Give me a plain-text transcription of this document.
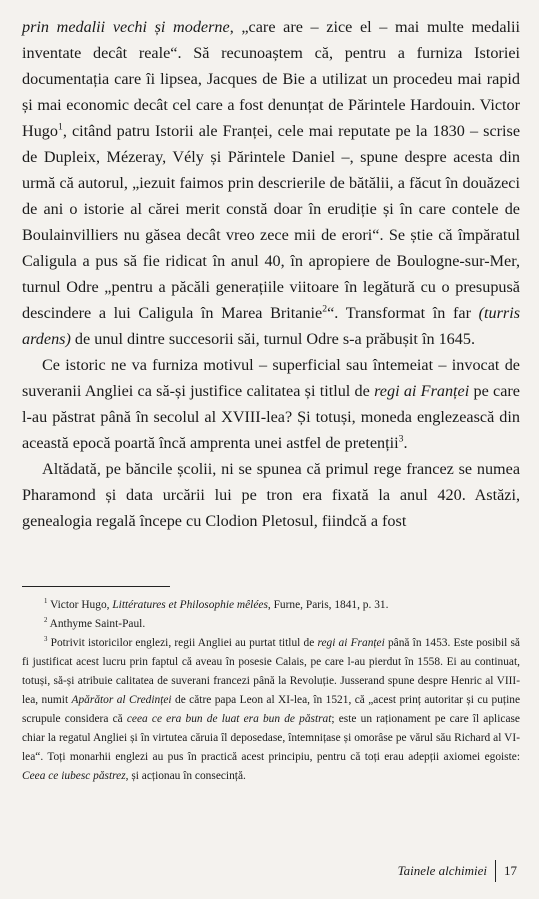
prin medalii vechi și moderne, „care are – zice el – mai multe medalii inventate decât reale“. Să recunoaștem că, pentru a furniza Istoriei documentația care îi lipsea, Jacques de Bie a utilizat un procedeu mai rapid și mai economic decât cel care a fost denunțat de Părintele Hardouin. Victor Hugo$^1$, citând patru Istorii ale Franței, cele mai reputate pe la 1830 – scrise de Dupleix, Mézeray, Vély și Părintele Daniel –, spune despre acesta din urmă că autorul, „iezuit faimos prin descrierile de bătălii, a făcut în douăzeci de ani o istorie al cărei merit constă doar în erudiție și în care contele de Boulainvilliers nu găsea decât vreo zece mii de erori“. Se știe că împăratul Caligula a pus să fie ridicat în anul 40, în apropiere de Boulogne-sur-Mer, turnul Odre „pentru a păcăli generațiile viitoare în legătură cu o presupusă descindere a lui Caligula în Marea Britanie$^2$“. Transformat în far (turris ardens) de unul dintre succesorii săi, turnul Odre s-a prăbușit în 1645.

Ce istoric ne va furniza motivul – superficial sau întemeiat – invocat de suveranii Angliei ca să-și justifice calitatea și titlul de regi ai Franței pe care l-au păstrat până în secolul al XVIII-lea? Și totuși, moneda englezească din această epocă poartă încă amprenta unei astfel de pretenții$^3$.

Altădată, pe băncile școlii, ni se spunea că primul rege francez se numea Pharamond și data urcării lui pe tron era fixată la anul 420. Astăzi, genealogia regală începe cu Clodion Pletosul, fiindcă a fost

$^1$ Victor Hugo, Littératures et Philosophie mêlées, Furne, Paris, 1841, p. 31.

$^2$ Anthyme Saint-Paul.

$^3$ Potrivit istoricilor englezi, regii Angliei au purtat titlul de regi ai Franței până în 1453. Este posibil să fi justificat acest lucru prin faptul că aveau în posesie Calais, pe care l-au pierdut în 1558. Ei au continuat, totuși, să-și atribuie calitatea de suverani francezi până la Revoluție. Jusserand spune despre Henric al VIII-lea, numit Apărător al Credinței de către papa Leon al XI-lea, în 1521, că „acest prinț autoritar și cu puține scrupule considera că ceea ce era bun de luat era bun de păstrat; este un raționament pe care îl aplicase chiar la regatul Angliei și în virtutea căruia îl deposedase, întemnițase și omorâse pe vărul său Richard al VI-lea“. Toți monarhii englezi au pus în practică acest principiu, pentru că toți erau adepții axiomei egoiste: Ceea ce iubesc păstrez, și acționau în consecință.

Tainele alchimiei 17
